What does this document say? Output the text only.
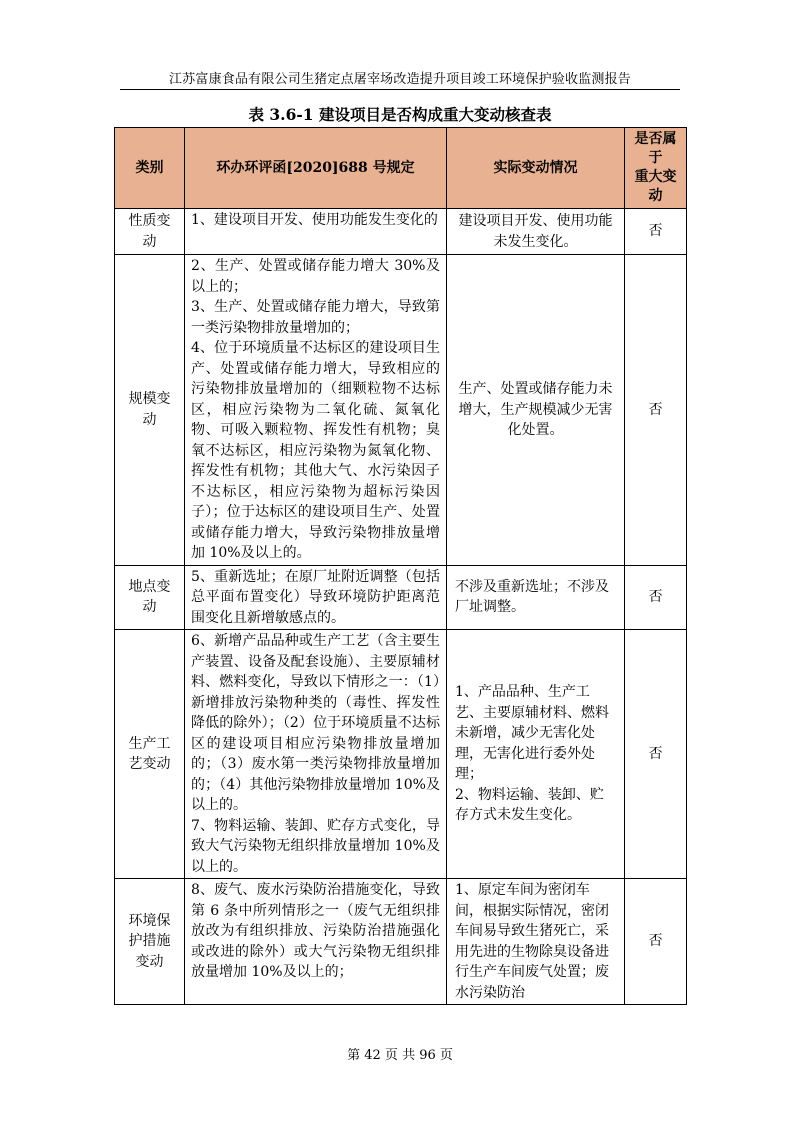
江苏富康食品有限公司生猪定点屠宰场改造提升项目竣工环境保护验收监测报告
表 3.6-1 建设项目是否构成重大变动核查表
类别	环办环评函[2020]688 号规定	实际变动情况	是否属于
重大变动
性质变动	1、建设项目开发、使用功能发生变化的	建设项目开发、使用功能未发生变化。	否
规模变动	2、生产、处置或储存能力增大 30%及以上的；
3、生产、处置或储存能力增大，导致第一类污染物排放量增加的；
4、位于环境质量不达标区的建设项目生产、处置或储存能力增大，导致相应的污染物排放量增加的（细颗粒物不达标区，相应污染物为二氧化硫、氮氧化物、可吸入颗粒物、挥发性有机物；臭氧不达标区，相应污染物为氮氧化物、挥发性有机物；其他大气、水污染因子不达标区，相应污染物为超标污染因子）；位于达标区的建设项目生产、处置或储存能力增大，导致污染物排放量增加 10%及以上的。	生产、处置或储存能力未增大，生产规模减少无害化处置。	否
地点变动	5、重新选址；在原厂址附近调整（包括总平面布置变化）导致环境防护距离范围变化且新增敏感点的。	不涉及重新选址；不涉及厂址调整。	否
生产工艺变动	6、新增产品品种或生产工艺（含主要生产装置、设备及配套设施）、主要原辅材料、燃料变化，导致以下情形之一：（1）新增排放污染物种类的（毒性、挥发性降低的除外）；（2）位于环境质量不达标区的建设项目相应污染物排放量增加的；（3）废水第一类污染物排放量增加的；（4）其他污染物排放量增加 10%及以上的。
7、物料运输、装卸、贮存方式变化，导致大气污染物无组织排放量增加 10%及以上的。	1、产品品种、生产工艺、主要原辅材料、燃料未新增，减少无害化处理，无害化进行委外处理；
2、物料运输、装卸、贮存方式未发生变化。	否
环境保护措施变动	8、废气、废水污染防治措施变化，导致第 6 条中所列情形之一（废气无组织排放改为有组织排放、污染防治措施强化或改进的除外）或大气污染物无组织排放量增加 10%及以上的；	1、原定车间为密闭车间，根据实际情况，密闭车间易导致生猪死亡，采用先进的生物除臭设备进行生产车间废气处置；废水污染防治	否
第 42 页 共 96 页
